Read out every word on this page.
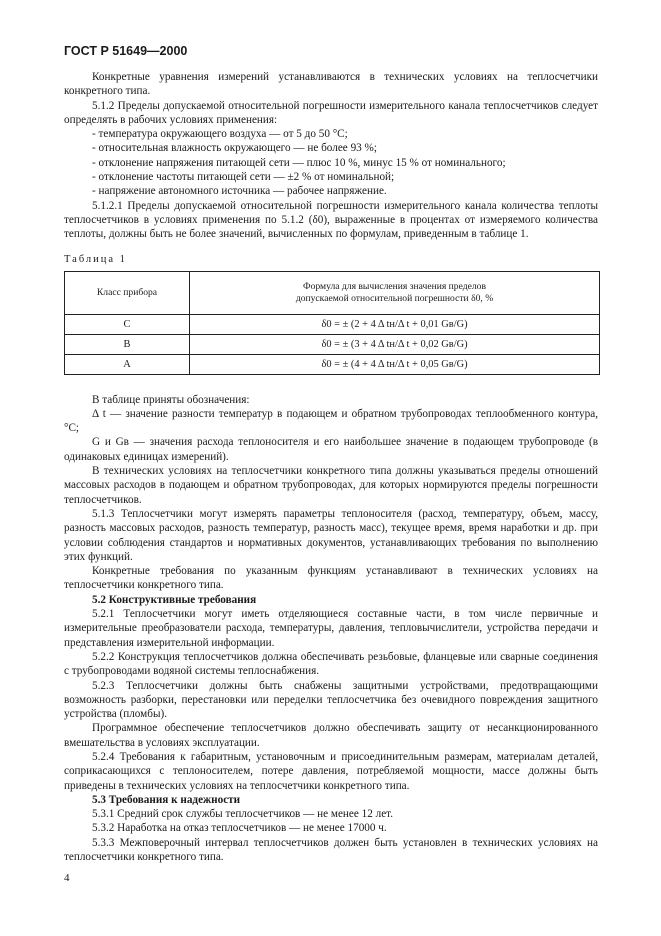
ГОСТ Р 51649—2000

Конкретные уравнения измерений устанавливаются в технических условиях на теплосчетчики конкретного типа.

5.1.2 Пределы допускаемой относительной погрешности измерительного канала теплосчетчиков следует определять в рабочих условиях применения:

- температура окружающего воздуха — от 5 до 50 °С;

- относительная влажность окружающего — не более 93 %;

- отклонение напряжения питающей сети — плюс 10 %, минус 15 % от номинального;

- отклонение частоты питающей сети — ±2 % от номинальной;

- напряжение автономного источника — рабочее напряжение.

5.1.2.1 Пределы допускаемой относительной погрешности измерительного канала количества теплоты теплосчетчиков в условиях применения по 5.1.2 (δ0), выраженные в процентах от измеряемого количества теплоты, должны быть не более значений, вычисленных по формулам, приведенным в таблице 1.

Таблица 1
Класс прибора	Формула для вычисления значения пределов
допускаемой относительной погрешности δ0, %

C	δ0 = ± (2 + 4 Δ tн/Δ t + 0,01 Gв/G)
B	δ0 = ± (3 + 4 Δ tн/Δ t + 0,02 Gв/G)
A	δ0 = ± (4 + 4 Δ tн/Δ t + 0,05 Gв/G)

В таблице приняты обозначения:

Δ t — значение разности температур в подающем и обратном трубопроводах теплообменного контура, °С;

G и Gв — значения расхода теплоносителя и его наибольшее значение в подающем трубопроводе (в одинаковых единицах измерений).

В технических условиях на теплосчетчики конкретного типа должны указываться пределы отношений массовых расходов в подающем и обратном трубопроводах, для которых нормируются пределы погрешности теплосчетчиков.

5.1.3 Теплосчетчики могут измерять параметры теплоносителя (расход, температуру, объем, массу, разность массовых расходов, разность температур, разность масс), текущее время, время наработки и др. при условии соблюдения стандартов и нормативных документов, устанавливающих требования по выполнению этих функций.

Конкретные требования по указанным функциям устанавливают в технических условиях на теплосчетчики конкретного типа.

5.2 Конструктивные требования

5.2.1 Теплосчетчики могут иметь отделяющиеся составные части, в том числе первичные и измерительные преобразователи расхода, температуры, давления, тепловычислители, устройства передачи и представления измерительной информации.

5.2.2 Конструкция теплосчетчиков должна обеспечивать резьбовые, фланцевые или сварные соединения с трубопроводами водяной системы теплоснабжения.

5.2.3 Теплосчетчики должны быть снабжены защитными устройствами, предотвращающими возможность разборки, перестановки или переделки теплосчетчика без очевидного повреждения защитного устройства (пломбы).

Программное обеспечение теплосчетчиков должно обеспечивать защиту от несанкционированного вмешательства в условиях эксплуатации.

5.2.4 Требования к габаритным, установочным и присоединительным размерам, материалам деталей, соприкасающихся с теплоносителем, потере давления, потребляемой мощности, массе должны быть приведены в технических условиях на теплосчетчики конкретного типа.

5.3 Требования к надежности

5.3.1 Средний срок службы теплосчетчиков — не менее 12 лет.

5.3.2 Наработка на отказ теплосчетчиков — не менее 17000 ч.

5.3.3 Межповерочный интервал теплосчетчиков должен быть установлен в технических условиях на теплосчетчики конкретного типа.

4
